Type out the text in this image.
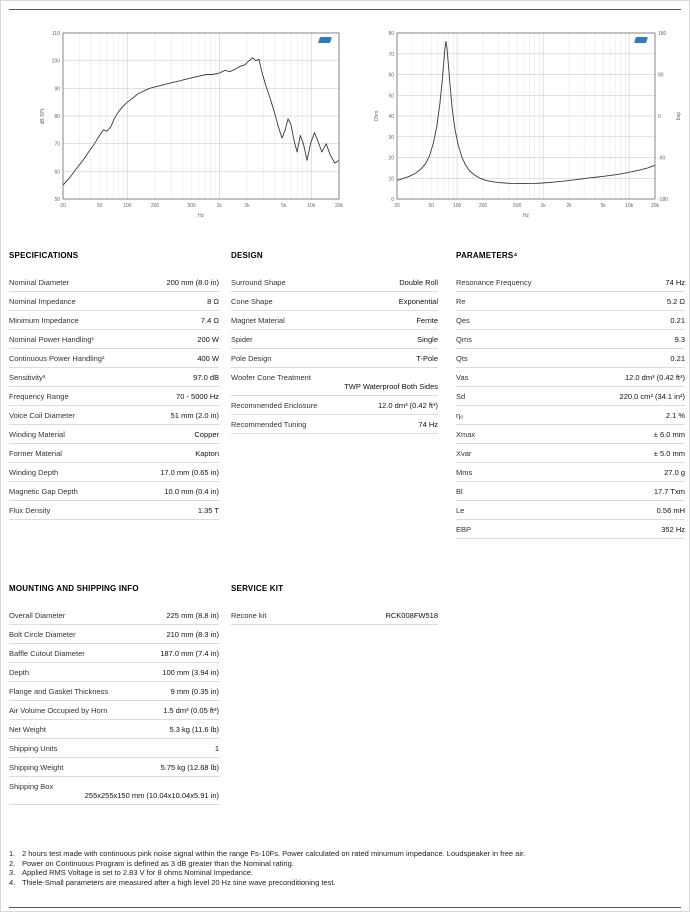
20	50	100	200	500	1k	2k	5k	10k	20k
50
60
70
80
90
100
110
Hz
dB SPL
20	50	100	200	500	1k	2k	5k	10k	20k
0
10
20
30
40
50
60
70
80
Hz
Ohm
-180
-90
0
90
180
deg
SPECIFICATIONS
Nominal Diameter	200 mm (8.0 in)
Nominal Impedance	8 Ω
Minimum Impedance	7.4 Ω
Nominal Power Handling¹	200 W
Continuous Power Handling²	400 W
Sensitivity³	97.0 dB
Frequency Range	70 - 5000 Hz
Voice Coil Diameter	51 mm (2.0 in)
Winding Material	Copper
Former Material	Kapton
Winding Depth	17.0 mm (0.65 in)
Magnetic Gap Depth	10.0 mm (0.4 in)
Flux Density	1.35 T
DESIGN
Surround Shape	Double Roll
Cone Shape	Exponential
Magnet Material	Ferrite
Spider	Single
Pole Design	T-Pole
Woofer Cone Treatment
TWP Waterproof Both Sides
Recommended Enclosure	12.0 dm³ (0.42 ft³)
Recommended Tuning	74 Hz
PARAMETERS⁴
Resonance Frequency	74 Hz
Re	5.2 Ω
Qes	0.21
Qms	9.3
Qts	0.21
Vas	12.0 dm³ (0.42 ft³)
Sd	220.0 cm² (34.1 in²)
η₀	2.1 %
Xmax	± 6.0 mm
Xvar	± 5.0 mm
Mms	27.0 g
Bl	17.7 Txm
Le	0.56 mH
EBP	352 Hz
MOUNTING AND SHIPPING INFO
Overall Diameter	225 mm (8.8 in)
Bolt Circle Diameter	210 mm (8.3 in)
Baffle Cutout Diameter	187.0 mm (7.4 in)
Depth	100 mm (3.94 in)
Flange and Gasket Thickness	9 mm (0.35 in)
Air Volume Occupied by Horn	1.5 dm³ (0.05 ft³)
Net Weight	5.3 kg (11.6 lb)
Shipping Units	1
Shipping Weight	5.75 kg (12.68 lb)
Shipping Box
255x255x150 mm (10.04x10.04x5.91 in)
SERVICE KIT
Recone kit	RCK008FW518
1. 2 hours test made with continuous pink noise signal within the range Fs-10Fs. Power calculated on rated minumum impedance. Loudspeaker in free air.
2. Power on Continuous Program is defined as 3 dB greater than the Nominal rating.
3. Applied RMS Voltage is set to 2.83 V for 8 ohms Nominal Impedance.
4. Thiele-Small parameters are measured after a high level 20 Hz sine wave preconditioning test.
